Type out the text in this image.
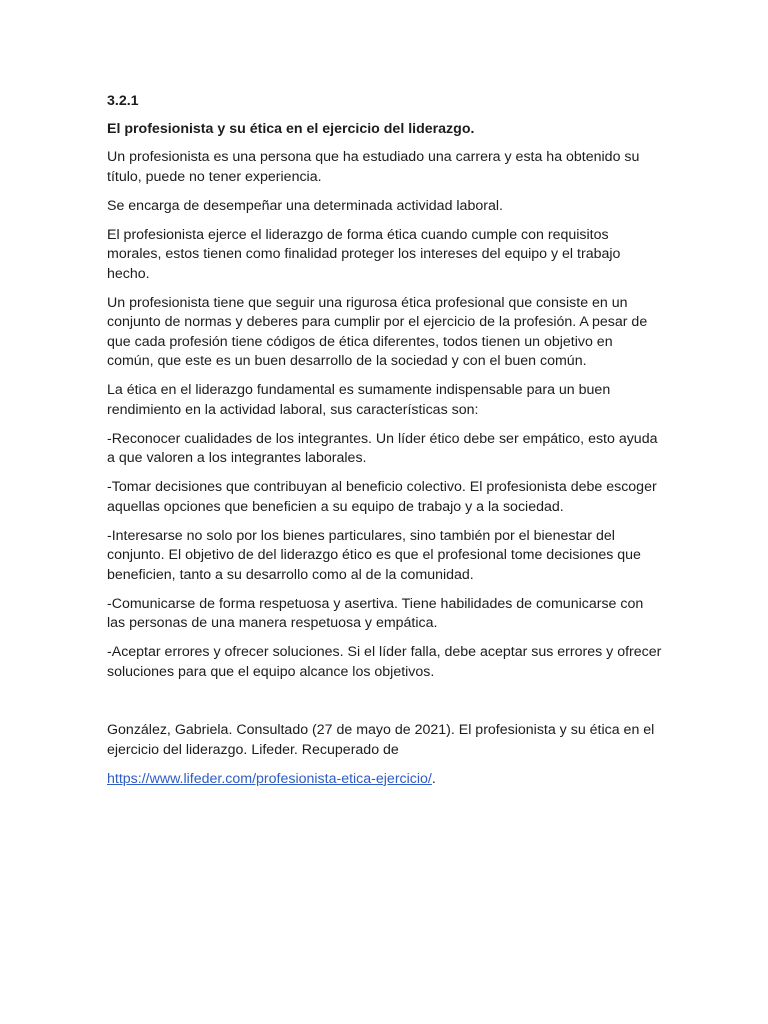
3.2.1

El profesionista y su ética en el ejercicio del liderazgo.

Un profesionista es una persona que ha estudiado una carrera y esta ha obtenido su título, puede no tener experiencia.

Se encarga de desempeñar una determinada actividad laboral.

El profesionista ejerce el liderazgo de forma ética cuando cumple con requisitos morales, estos tienen como finalidad proteger los intereses del equipo y el trabajo hecho.

Un profesionista tiene que seguir una rigurosa ética profesional que consiste en un conjunto de normas y deberes para cumplir por el ejercicio de la profesión. A pesar de que cada profesión tiene códigos de ética diferentes, todos tienen un objetivo en común, que este es un buen desarrollo de la sociedad y con el buen común.

La ética en el liderazgo fundamental es sumamente indispensable para un buen rendimiento en la actividad laboral, sus características son:

-Reconocer cualidades de los integrantes. Un líder ético debe ser empático, esto ayuda a que valoren a los integrantes laborales.

-Tomar decisiones que contribuyan al beneficio colectivo. El profesionista debe escoger aquellas opciones que beneficien a su equipo de trabajo y a la sociedad.

-Interesarse no solo por los bienes particulares, sino también por el bienestar del conjunto. El objetivo de del liderazgo ético es que el profesional tome decisiones que beneficien, tanto a su desarrollo como al de la comunidad.

-Comunicarse de forma respetuosa y asertiva. Tiene habilidades de comunicarse con las personas de una manera respetuosa y empática.

-Aceptar errores y ofrecer soluciones. Si el líder falla, debe aceptar sus errores y ofrecer soluciones para que el equipo alcance los objetivos.

González, Gabriela. Consultado (27 de mayo de 2021). El profesionista y su ética en el ejercicio del liderazgo. Lifeder. Recuperado de

https://www.lifeder.com/profesionista-etica-ejercicio/.
